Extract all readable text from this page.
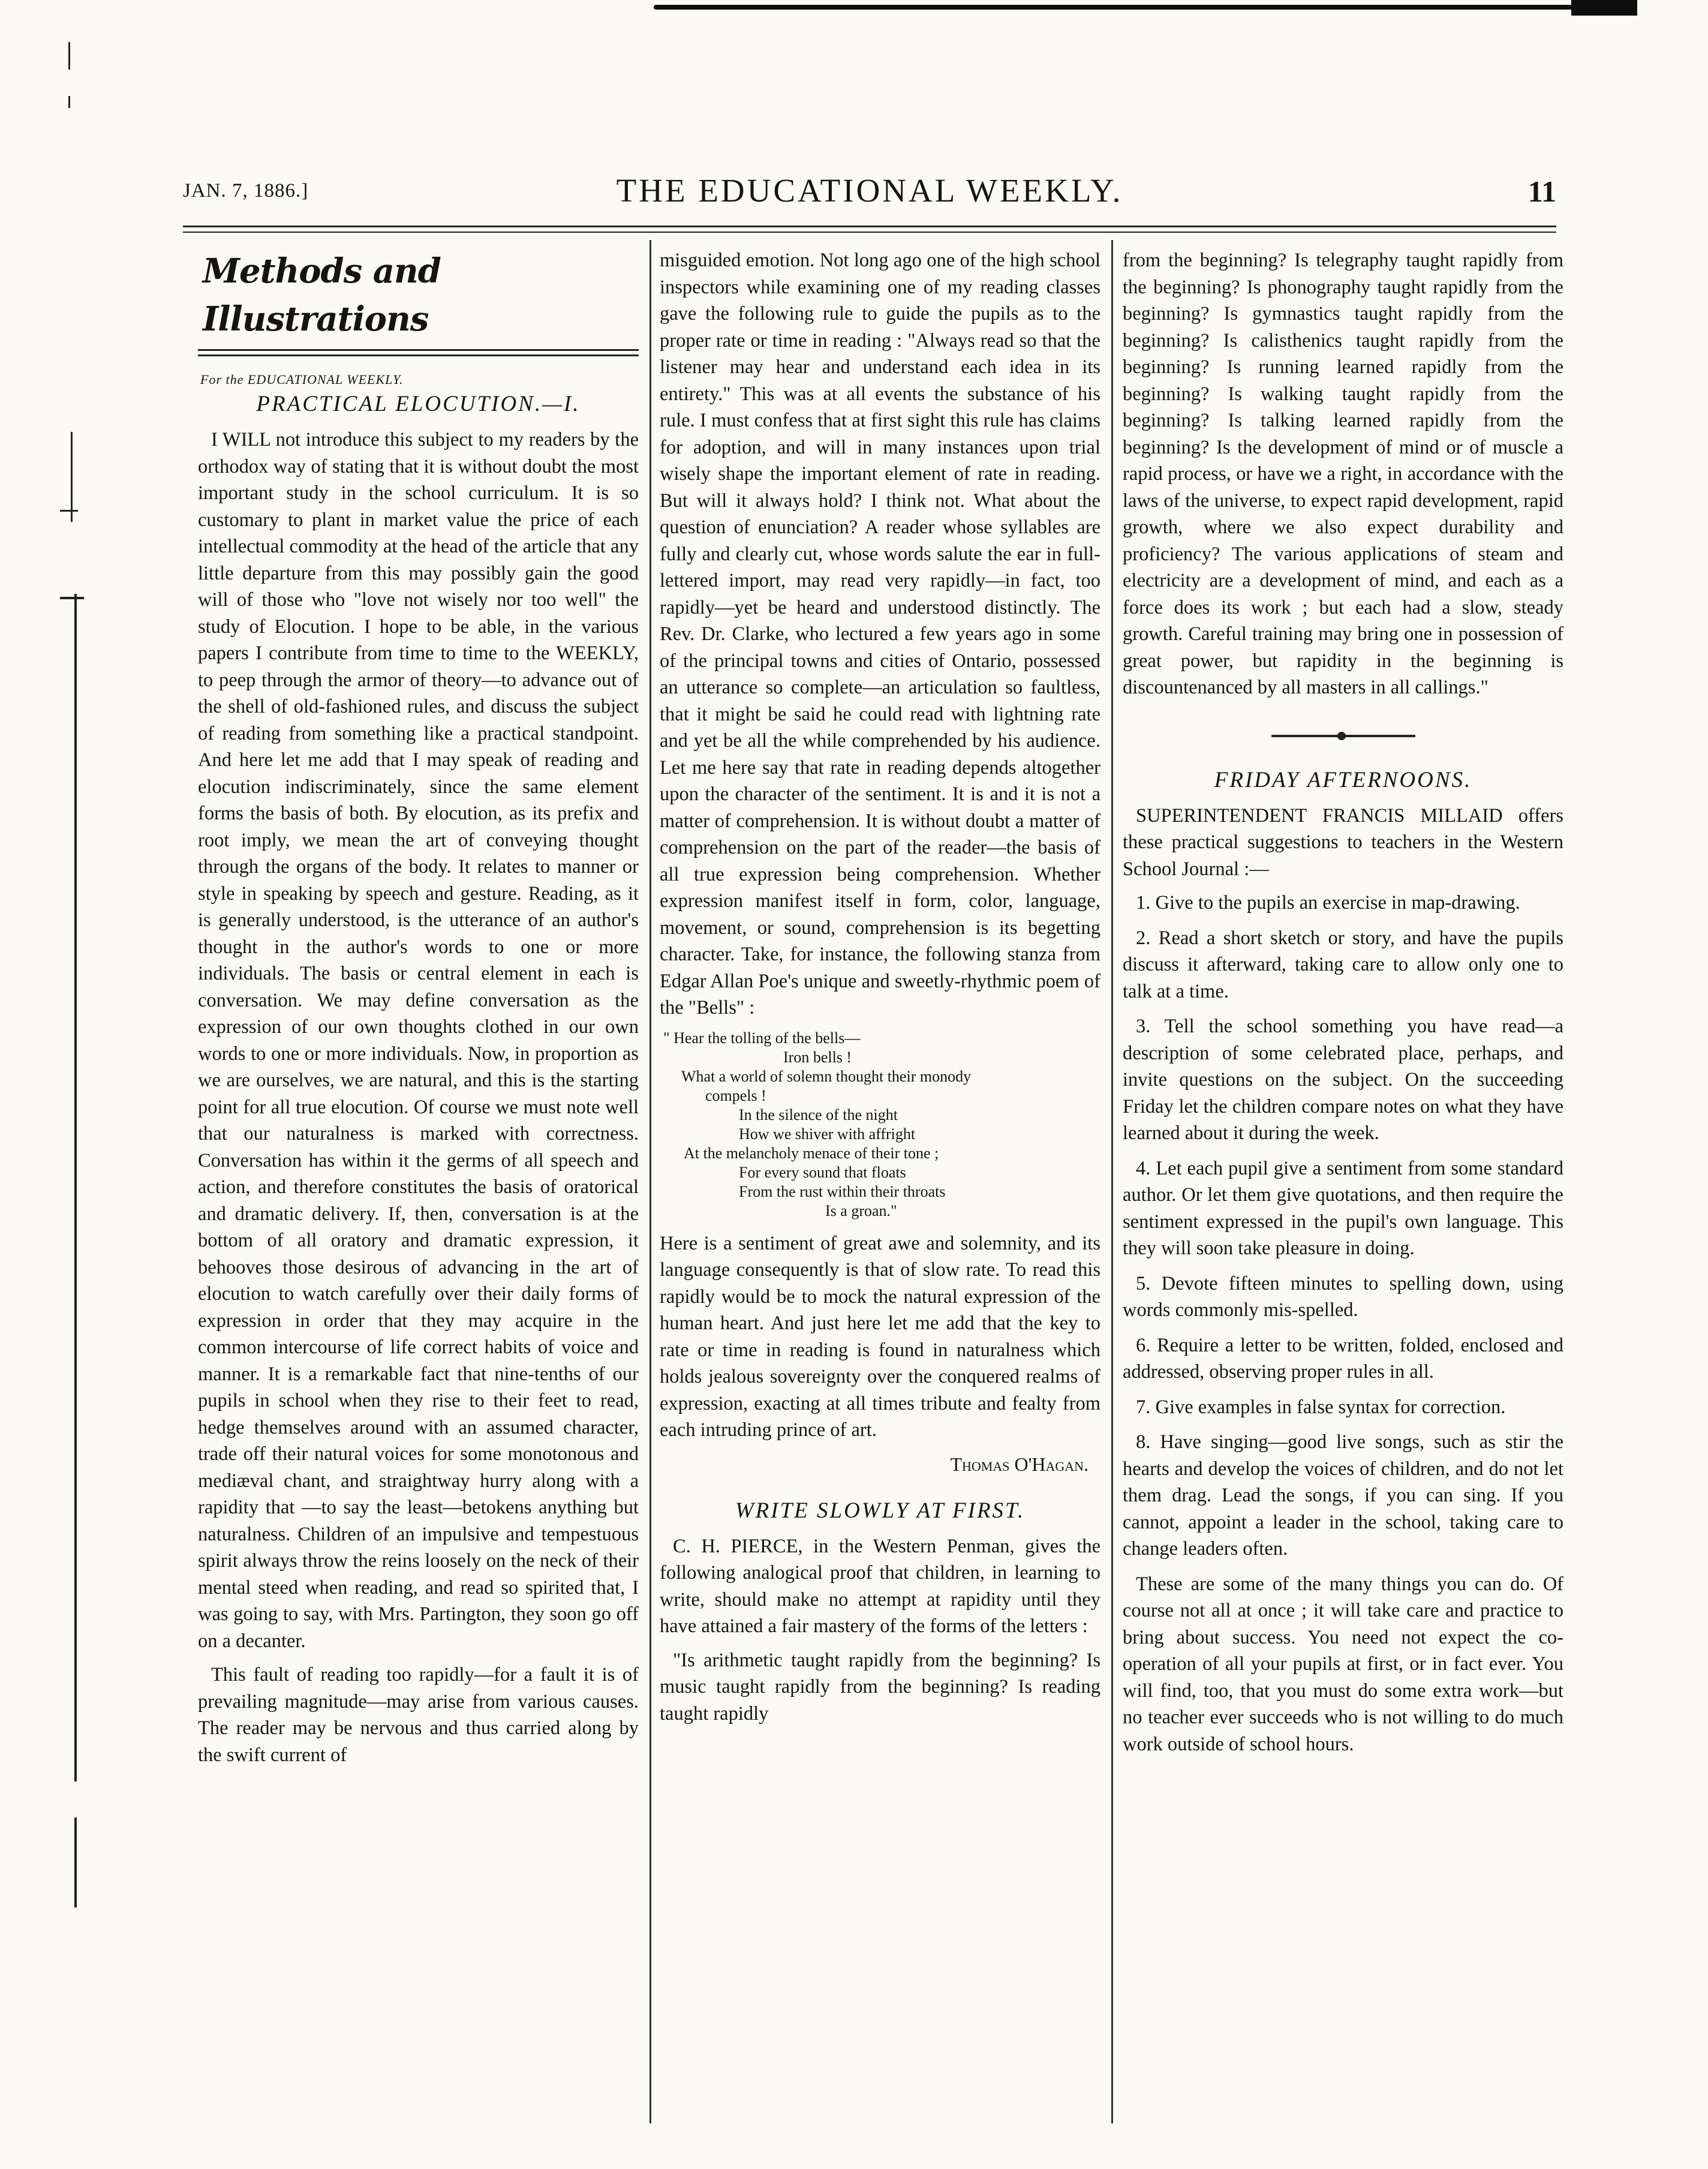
JAN. 7, 1886.]	THE EDUCATIONAL WEEKLY.	11
Methods and Illustrations
For the EDUCATIONAL WEEKLY.
PRACTICAL ELOCUTION.—I.

I WILL not introduce this subject to my readers by the orthodox way of stating that it is without doubt the most important study in the school curriculum. It is so customary to plant in market value the price of each intellectual commodity at the head of the article that any little departure from this may possibly gain the good will of those who "love not wisely nor too well" the study of Elocution. I hope to be able, in the various papers I contribute from time to time to the WEEKLY, to peep through the armor of theory—to advance out of the shell of old-fashioned rules, and discuss the subject of reading from something like a practical standpoint. And here let me add that I may speak of reading and elocution indiscriminately, since the same element forms the basis of both. By elocution, as its prefix and root imply, we mean the art of conveying thought through the organs of the body. It relates to manner or style in speaking by speech and gesture. Reading, as it is generally understood, is the utterance of an author's thought in the author's words to one or more individuals. The basis or central element in each is conversation. We may define conversation as the expression of our own thoughts clothed in our own words to one or more individuals. Now, in proportion as we are ourselves, we are natural, and this is the starting point for all true elocution. Of course we must note well that our naturalness is marked with correctness. Conversation has within it the germs of all speech and action, and therefore constitutes the basis of oratorical and dramatic delivery. If, then, conversation is at the bottom of all oratory and dramatic expression, it behooves those desirous of advancing in the art of elocution to watch carefully over their daily forms of expression in order that they may acquire in the common intercourse of life correct habits of voice and manner. It is a remarkable fact that nine-tenths of our pupils in school when they rise to their feet to read, hedge themselves around with an assumed character, trade off their natural voices for some monotonous and mediæval chant, and straightway hurry along with a rapidity that —to say the least—betokens anything but naturalness. Children of an impulsive and tempestuous spirit always throw the reins loosely on the neck of their mental steed when reading, and read so spirited that, I was going to say, with Mrs. Partington, they soon go off on a decanter.

This fault of reading too rapidly—for a fault it is of prevailing magnitude—may arise from various causes. The reader may be nervous and thus carried along by the swift current of

misguided emotion. Not long ago one of the high school inspectors while examining one of my reading classes gave the following rule to guide the pupils as to the proper rate or time in reading : "Always read so that the listener may hear and understand each idea in its entirety." This was at all events the substance of his rule. I must confess that at first sight this rule has claims for adoption, and will in many instances upon trial wisely shape the important element of rate in reading. But will it always hold? I think not. What about the question of enunciation? A reader whose syllables are fully and clearly cut, whose words salute the ear in full-lettered import, may read very rapidly—in fact, too rapidly—yet be heard and understood distinctly. The Rev. Dr. Clarke, who lectured a few years ago in some of the principal towns and cities of Ontario, possessed an utterance so complete—an articulation so faultless, that it might be said he could read with lightning rate and yet be all the while comprehended by his audience. Let me here say that rate in reading depends altogether upon the character of the sentiment. It is and it is not a matter of comprehension. It is without doubt a matter of comprehension on the part of the reader—the basis of all true expression being comprehension. Whether expression manifest itself in form, color, language, movement, or sound, comprehension is its begetting character. Take, for instance, the following stanza from Edgar Allan Poe's unique and sweetly-rhythmic poem of the "Bells" :

" Hear the tolling of the bells—
Iron bells !
What a world of solemn thought their monody
compels !
In the silence of the night
How we shiver with affright
At the melancholy menace of their tone ;
For every sound that floats
From the rust within their throats
Is a groan."

Here is a sentiment of great awe and solemnity, and its language consequently is that of slow rate. To read this rapidly would be to mock the natural expression of the human heart. And just here let me add that the key to rate or time in reading is found in naturalness which holds jealous sovereignty over the conquered realms of expression, exacting at all times tribute and fealty from each intruding prince of art.

Thomas O'Hagan.
WRITE SLOWLY AT FIRST.

C. H. PIERCE, in the Western Penman, gives the following analogical proof that children, in learning to write, should make no attempt at rapidity until they have attained a fair mastery of the forms of the letters :

"Is arithmetic taught rapidly from the beginning? Is music taught rapidly from the beginning? Is reading taught rapidly

from the beginning? Is telegraphy taught rapidly from the beginning? Is phonography taught rapidly from the beginning? Is gymnastics taught rapidly from the beginning? Is calisthenics taught rapidly from the beginning? Is running learned rapidly from the beginning? Is walking taught rapidly from the beginning? Is talking learned rapidly from the beginning? Is the development of mind or of muscle a rapid process, or have we a right, in accordance with the laws of the universe, to expect rapid development, rapid growth, where we also expect durability and proficiency? The various applications of steam and electricity are a development of mind, and each as a force does its work ; but each had a slow, steady growth. Careful training may bring one in possession of great power, but rapidity in the beginning is discountenanced by all masters in all callings."

FRIDAY AFTERNOONS.

SUPERINTENDENT FRANCIS MILLAID offers these practical suggestions to teachers in the Western School Journal :—

1. Give to the pupils an exercise in map-drawing.

2. Read a short sketch or story, and have the pupils discuss it afterward, taking care to allow only one to talk at a time.

3. Tell the school something you have read—a description of some celebrated place, perhaps, and invite questions on the subject. On the succeeding Friday let the children compare notes on what they have learned about it during the week.

4. Let each pupil give a sentiment from some standard author. Or let them give quotations, and then require the sentiment expressed in the pupil's own language. This they will soon take pleasure in doing.

5. Devote fifteen minutes to spelling down, using words commonly mis-spelled.

6. Require a letter to be written, folded, enclosed and addressed, observing proper rules in all.

7. Give examples in false syntax for correction.

8. Have singing—good live songs, such as stir the hearts and develop the voices of children, and do not let them drag. Lead the songs, if you can sing. If you cannot, appoint a leader in the school, taking care to change leaders often.

These are some of the many things you can do. Of course not all at once ; it will take care and practice to bring about success. You need not expect the co-operation of all your pupils at first, or in fact ever. You will find, too, that you must do some extra work—but no teacher ever succeeds who is not willing to do much work outside of school hours.
